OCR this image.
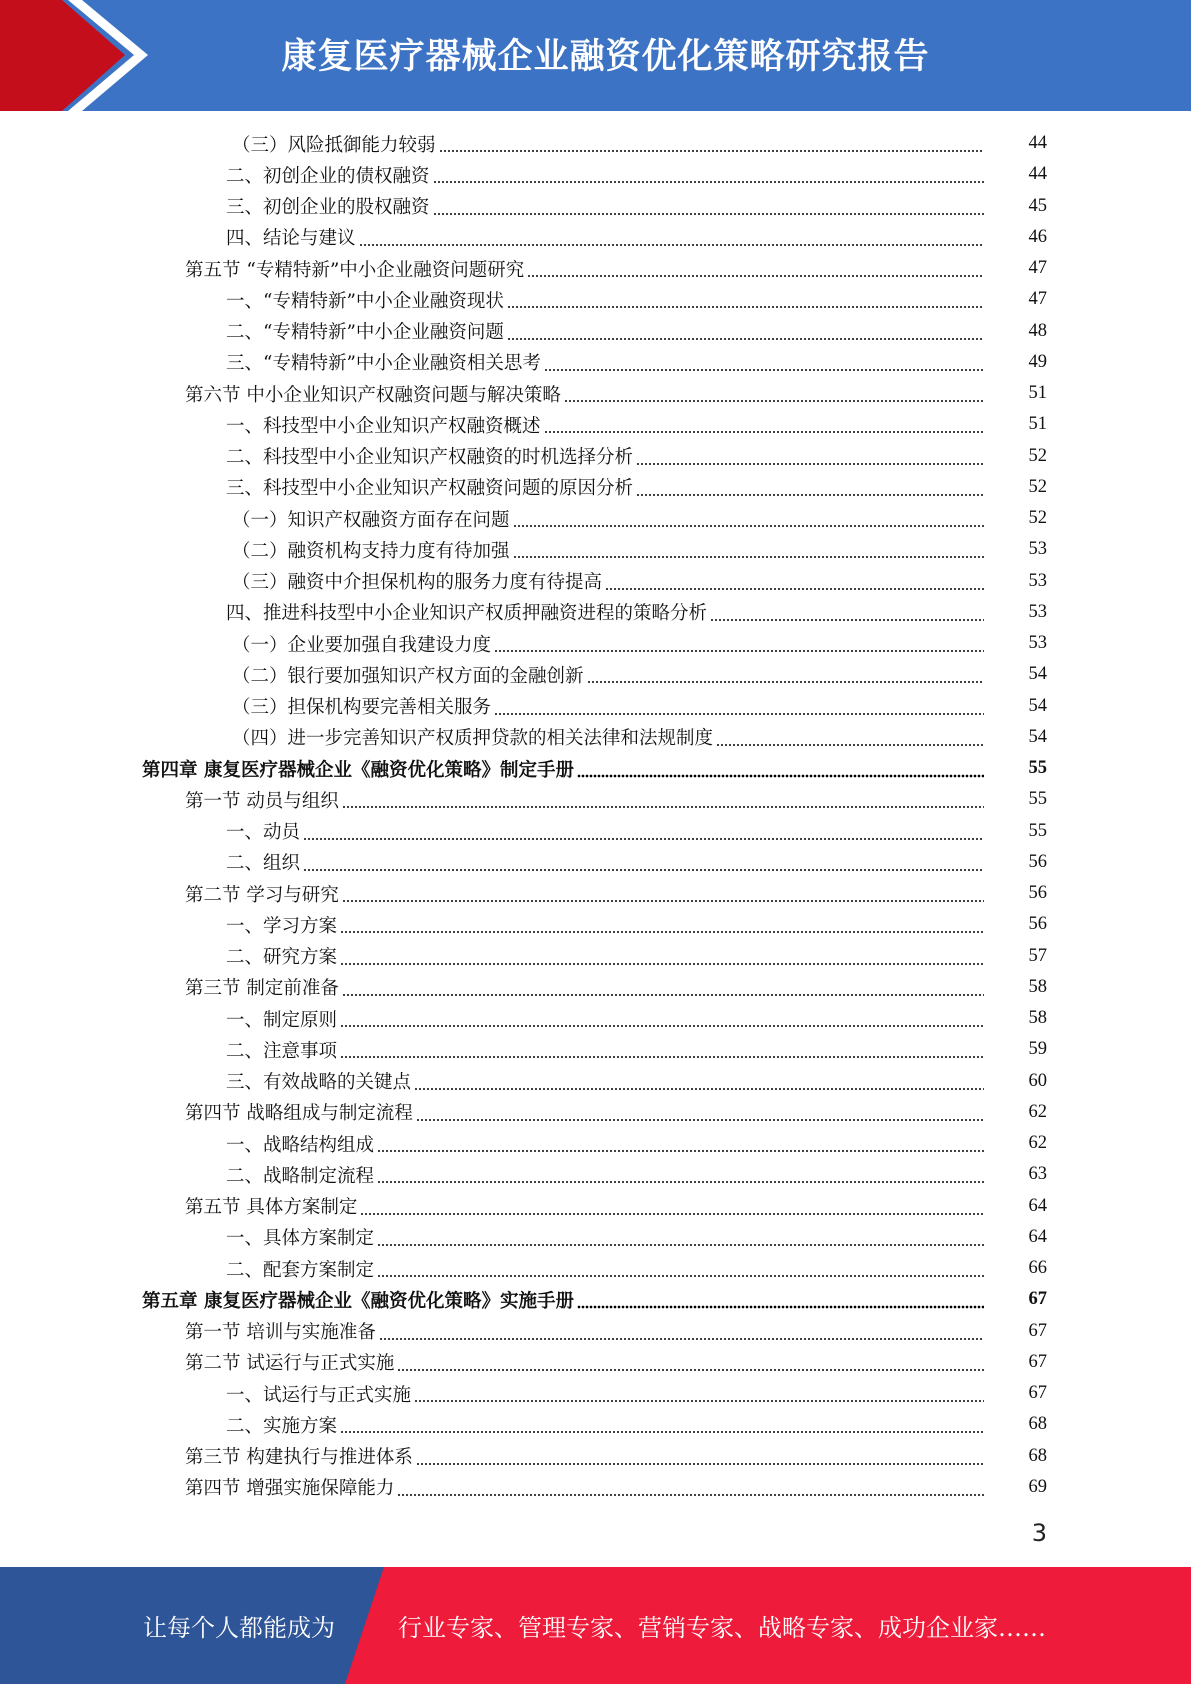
康复医疗器械企业融资优化策略研究报告
（三）风险抵御能力较弱	44
二、初创企业的债权融资	44
三、初创企业的股权融资	45
四、结论与建议	46
第五节 “专精特新”中小企业融资问题研究	47
一、“专精特新”中小企业融资现状	47
二、“专精特新”中小企业融资问题	48
三、“专精特新”中小企业融资相关思考	49
第六节 中小企业知识产权融资问题与解决策略	51
一、科技型中小企业知识产权融资概述	51
二、科技型中小企业知识产权融资的时机选择分析	52
三、科技型中小企业知识产权融资问题的原因分析	52
（一）知识产权融资方面存在问题	52
（二）融资机构支持力度有待加强	53
（三）融资中介担保机构的服务力度有待提高	53
四、推进科技型中小企业知识产权质押融资进程的策略分析	53
（一）企业要加强自我建设力度	53
（二）银行要加强知识产权方面的金融创新	54
（三）担保机构要完善相关服务	54
（四）进一步完善知识产权质押贷款的相关法律和法规制度	54
第四章 康复医疗器械企业《融资优化策略》制定手册	55
第一节 动员与组织	55
一、动员	55
二、组织	56
第二节 学习与研究	56
一、学习方案	56
二、研究方案	57
第三节 制定前准备	58
一、制定原则	58
二、注意事项	59
三、有效战略的关键点	60
第四节 战略组成与制定流程	62
一、战略结构组成	62
二、战略制定流程	63
第五节 具体方案制定	64
一、具体方案制定	64
二、配套方案制定	66
第五章 康复医疗器械企业《融资优化策略》实施手册	67
第一节 培训与实施准备	67
第二节 试运行与正式实施	67
一、试运行与正式实施	67
二、实施方案	68
第三节 构建执行与推进体系	68
第四节 增强实施保障能力	69
3
让每个人都能成为	行业专家、管理专家、营销专家、战略专家、成功企业家……
